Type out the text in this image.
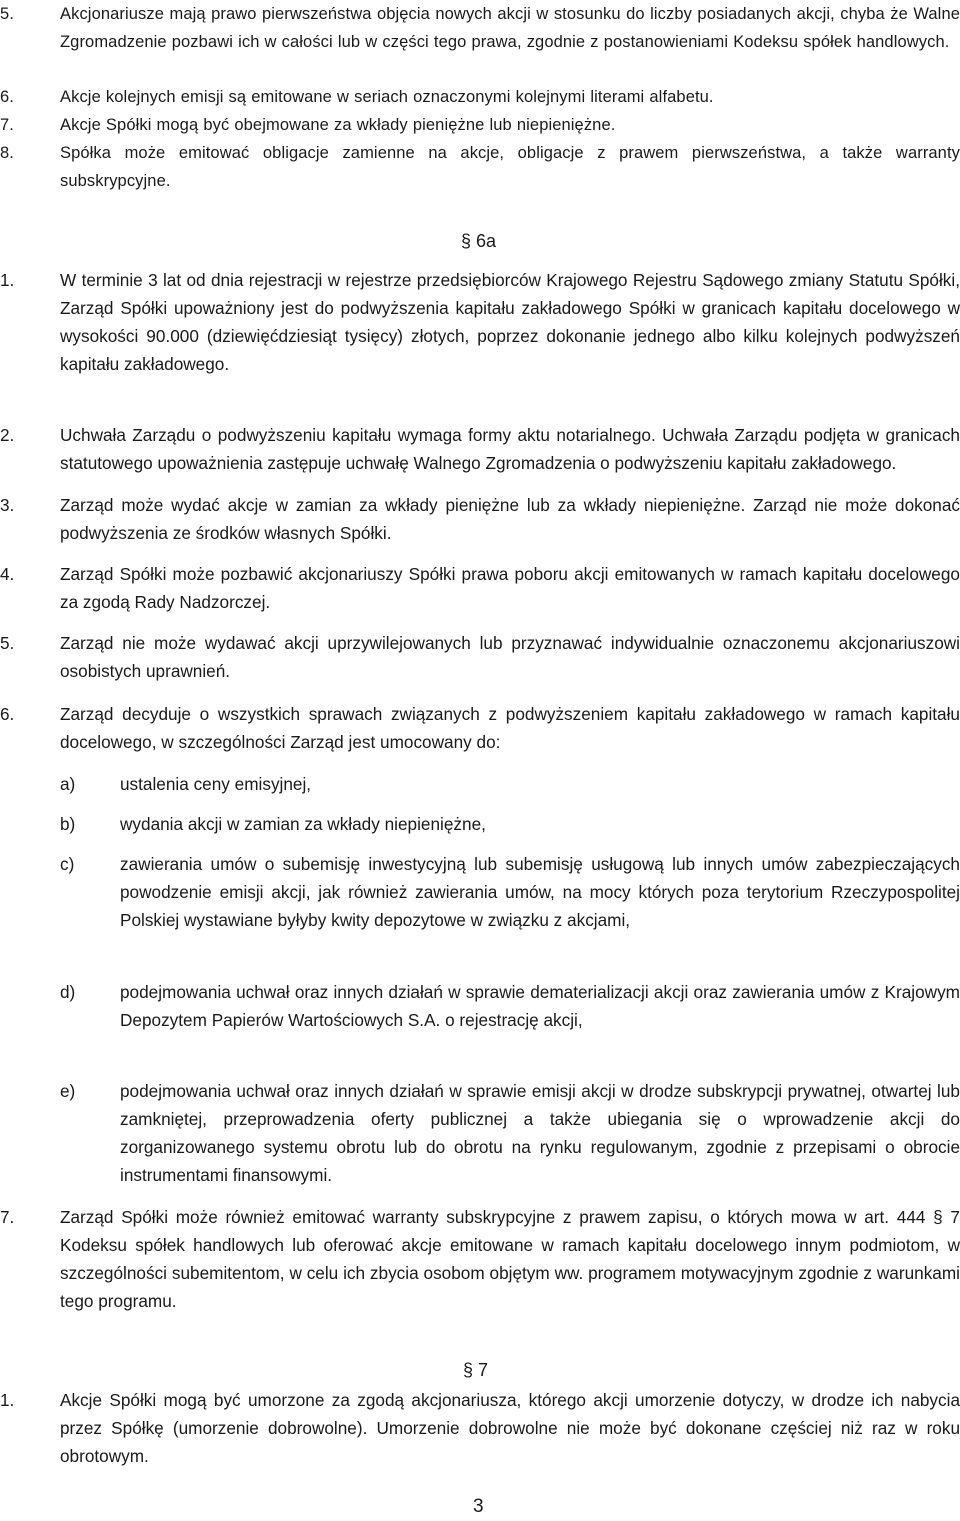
5.	Akcjonariusze mają prawo pierwszeństwa objęcia nowych akcji w stosunku do liczby posiadanych akcji, chyba że Walne Zgromadzenie pozbawi ich w całości lub w części tego prawa, zgodnie z postanowieniami Kodeksu spółek handlowych.
6.	Akcje kolejnych emisji są emitowane w seriach oznaczonymi kolejnymi literami alfabetu.
7.	Akcje Spółki mogą być obejmowane za wkłady pieniężne lub niepieniężne.
8.	Spółka może emitować obligacje zamienne na akcje, obligacje z prawem pierwszeństwa, a także warranty subskrypcyjne.
§ 6a
1.	W terminie 3 lat od dnia rejestracji w rejestrze przedsiębiorców Krajowego Rejestru Sądowego zmiany Statutu Spółki, Zarząd Spółki upoważniony jest do podwyższenia kapitału zakładowego Spółki w granicach kapitału docelowego w wysokości 90.000 (dziewięćdziesiąt tysięcy) złotych, poprzez dokonanie jednego albo kilku kolejnych podwyższeń kapitału zakładowego.
2.	Uchwała Zarządu o podwyższeniu kapitału wymaga formy aktu notarialnego. Uchwała Zarządu podjęta w granicach statutowego upoważnienia zastępuje uchwałę Walnego Zgromadzenia o podwyższeniu kapitału zakładowego.
3.	Zarząd może wydać akcje w zamian za wkłady pieniężne lub za wkłady niepieniężne. Zarząd nie może dokonać podwyższenia ze środków własnych Spółki.
4.	Zarząd Spółki może pozbawić akcjonariuszy Spółki prawa poboru akcji emitowanych w ramach kapitału docelowego za zgodą Rady Nadzorczej.
5.	Zarząd nie może wydawać akcji uprzywilejowanych lub przyznawać indywidualnie oznaczonemu akcjonariuszowi osobistych uprawnień.
6.	Zarząd decyduje o wszystkich sprawach związanych z podwyższeniem kapitału zakładowego w ramach kapitału docelowego, w szczególności Zarząd jest umocowany do:
a)	ustalenia ceny emisyjnej,
b)	wydania akcji w zamian za wkłady niepieniężne,
c)	zawierania umów o subemisję inwestycyjną lub subemisję usługową lub innych umów zabezpieczających powodzenie emisji akcji, jak również zawierania umów, na mocy których poza terytorium Rzeczypospolitej Polskiej wystawiane byłyby kwity depozytowe w związku z akcjami,
d)	podejmowania uchwał oraz innych działań w sprawie dematerializacji akcji oraz zawierania umów z Krajowym Depozytem Papierów Wartościowych S.A. o rejestrację akcji,
e)	podejmowania uchwał oraz innych działań w sprawie emisji akcji w drodze subskrypcji prywatnej, otwartej lub zamkniętej, przeprowadzenia oferty publicznej a także ubiegania się o wprowadzenie akcji do zorganizowanego systemu obrotu lub do obrotu na rynku regulowanym, zgodnie z przepisami o obrocie instrumentami finansowymi.
7.	Zarząd Spółki może również emitować warranty subskrypcyjne z prawem zapisu, o których mowa w art. 444 § 7 Kodeksu spółek handlowych lub oferować akcje emitowane w ramach kapitału docelowego innym podmiotom, w szczególności subemitentom, w celu ich zbycia osobom objętym ww. programem motywacyjnym zgodnie z warunkami tego programu.
§ 7
1.	Akcje Spółki mogą być umorzone za zgodą akcjonariusza, którego akcji umorzenie dotyczy, w drodze ich nabycia przez Spółkę (umorzenie dobrowolne). Umorzenie dobrowolne nie może być dokonane częściej niż raz w roku obrotowym.
3
